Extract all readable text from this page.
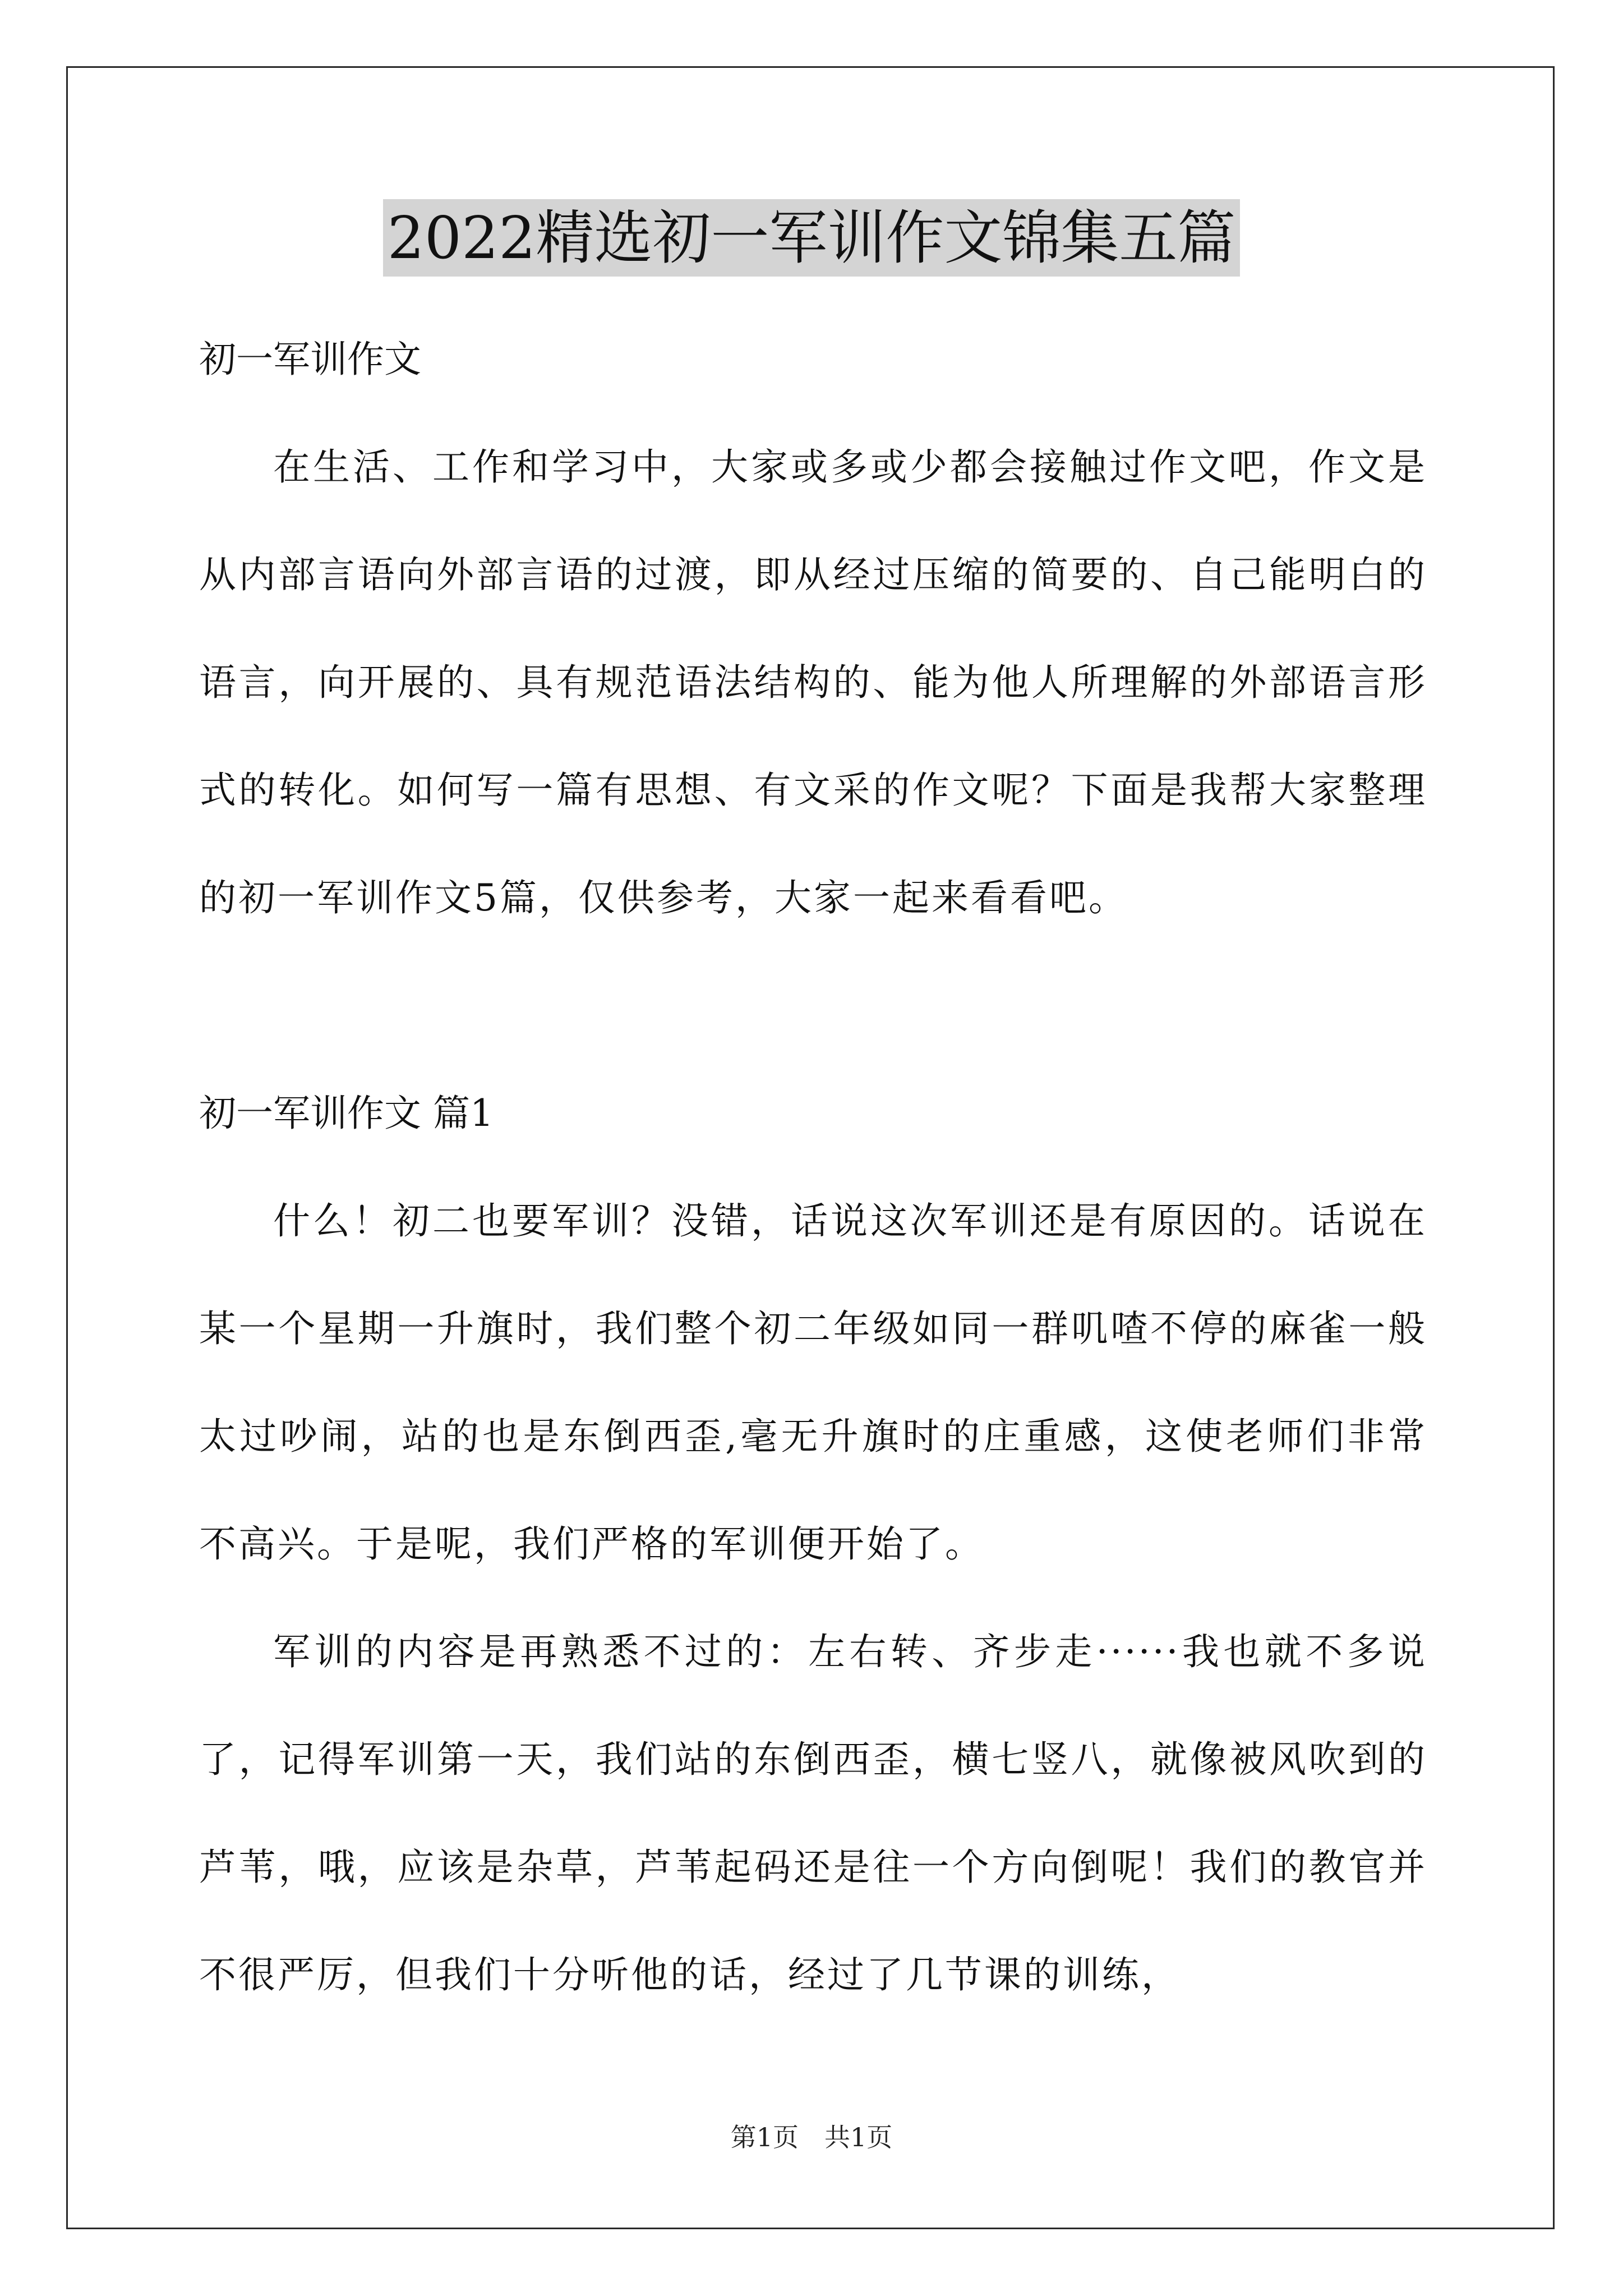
2022精选初一军训作文锦集五篇

初一军训作文

在生活、工作和学习中，大家或多或少都会接触过作文吧，作文是从内部言语向外部言语的过渡，即从经过压缩的简要的、自己能明白的语言，向开展的、具有规范语法结构的、能为他人所理解的外部语言形式的转化。如何写一篇有思想、有文采的作文呢？下面是我帮大家整理的初一军训作文5篇，仅供参考，大家一起来看看吧。

初一军训作文 篇1

什么！初二也要军训？没错，话说这次军训还是有原因的。话说在某一个星期一升旗时，我们整个初二年级如同一群叽喳不停的麻雀一般太过吵闹，站的也是东倒西歪,毫无升旗时的庄重感，这使老师们非常不高兴。于是呢，我们严格的军训便开始了。

军训的内容是再熟悉不过的：左右转、齐步走······我也就不多说了，记得军训第一天，我们站的东倒西歪，横七竖八，就像被风吹到的芦苇，哦，应该是杂草，芦苇起码还是往一个方向倒呢！我们的教官并不很严厉，但我们十分听他的话，经过了几节课的训练，

第1页　共1页
